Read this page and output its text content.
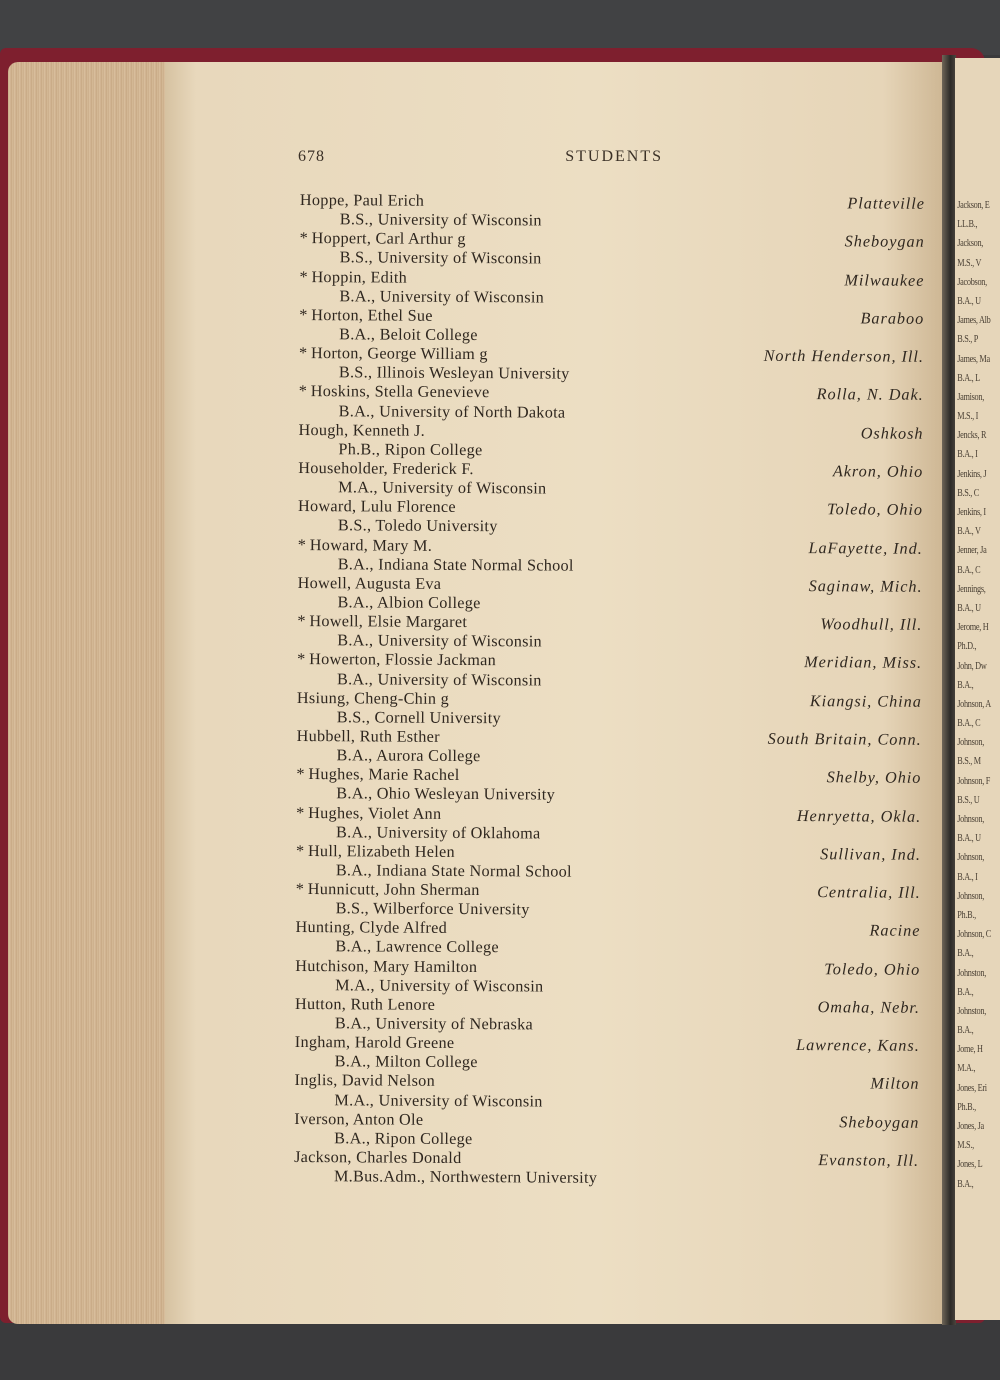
Jackson, E
LL.B.,
Jackson,
M.S., V
Jacobson,
B.A., U
James, Alb
B.S., P
James, Ma
B.A., L
Jamison,
M.S., I
Jencks, R
B.A., I
Jenkins, J
B.S., C
Jenkins, I
B.A., V
Jenner, Ja
B.A., C
Jennings,
B.A., U
Jerome, H
Ph.D.,
John, Dw
B.A.,
Johnson, A
B.A., C
Johnson,
B.S., M
Johnson, F
B.S., U
Johnson,
B.A., U
Johnson,
B.A., I
Johnson,
Ph.B.,
Johnson, C
B.A.,
Johnston,
B.A.,
Johnston,
B.A.,
Jome, H
M.A.,
Jones, Eri
Ph.B.,
Jones, Ja
M.S.,
Jones, L
B.A.,
678	STUDENTS
Hoppe, Paul Erich	Platteville
B.S., University of Wisconsin
* Hoppert, Carl Arthur g	Sheboygan
B.S., University of Wisconsin
* Hoppin, Edith	Milwaukee
B.A., University of Wisconsin
* Horton, Ethel Sue	Baraboo
B.A., Beloit College
* Horton, George William g	North Henderson, Ill.
B.S., Illinois Wesleyan University
* Hoskins, Stella Genevieve	Rolla, N. Dak.
B.A., University of North Dakota
Hough, Kenneth J.	Oshkosh
Ph.B., Ripon College
Householder, Frederick F.	Akron, Ohio
M.A., University of Wisconsin
Howard, Lulu Florence	Toledo, Ohio
B.S., Toledo University
* Howard, Mary M.	LaFayette, Ind.
B.A., Indiana State Normal School
Howell, Augusta Eva	Saginaw, Mich.
B.A., Albion College
* Howell, Elsie Margaret	Woodhull, Ill.
B.A., University of Wisconsin
* Howerton, Flossie Jackman	Meridian, Miss.
B.A., University of Wisconsin
Hsiung, Cheng-Chin g	Kiangsi, China
B.S., Cornell University
Hubbell, Ruth Esther	South Britain, Conn.
B.A., Aurora College
* Hughes, Marie Rachel	Shelby, Ohio
B.A., Ohio Wesleyan University
* Hughes, Violet Ann	Henryetta, Okla.
B.A., University of Oklahoma
* Hull, Elizabeth Helen	Sullivan, Ind.
B.A., Indiana State Normal School
* Hunnicutt, John Sherman	Centralia, Ill.
B.S., Wilberforce University
Hunting, Clyde Alfred	Racine
B.A., Lawrence College
Hutchison, Mary Hamilton	Toledo, Ohio
M.A., University of Wisconsin
Hutton, Ruth Lenore	Omaha, Nebr.
B.A., University of Nebraska
Ingham, Harold Greene	Lawrence, Kans.
B.A., Milton College
Inglis, David Nelson	Milton
M.A., University of Wisconsin
Iverson, Anton Ole	Sheboygan
B.A., Ripon College
Jackson, Charles Donald	Evanston, Ill.
M.Bus.Adm., Northwestern University
